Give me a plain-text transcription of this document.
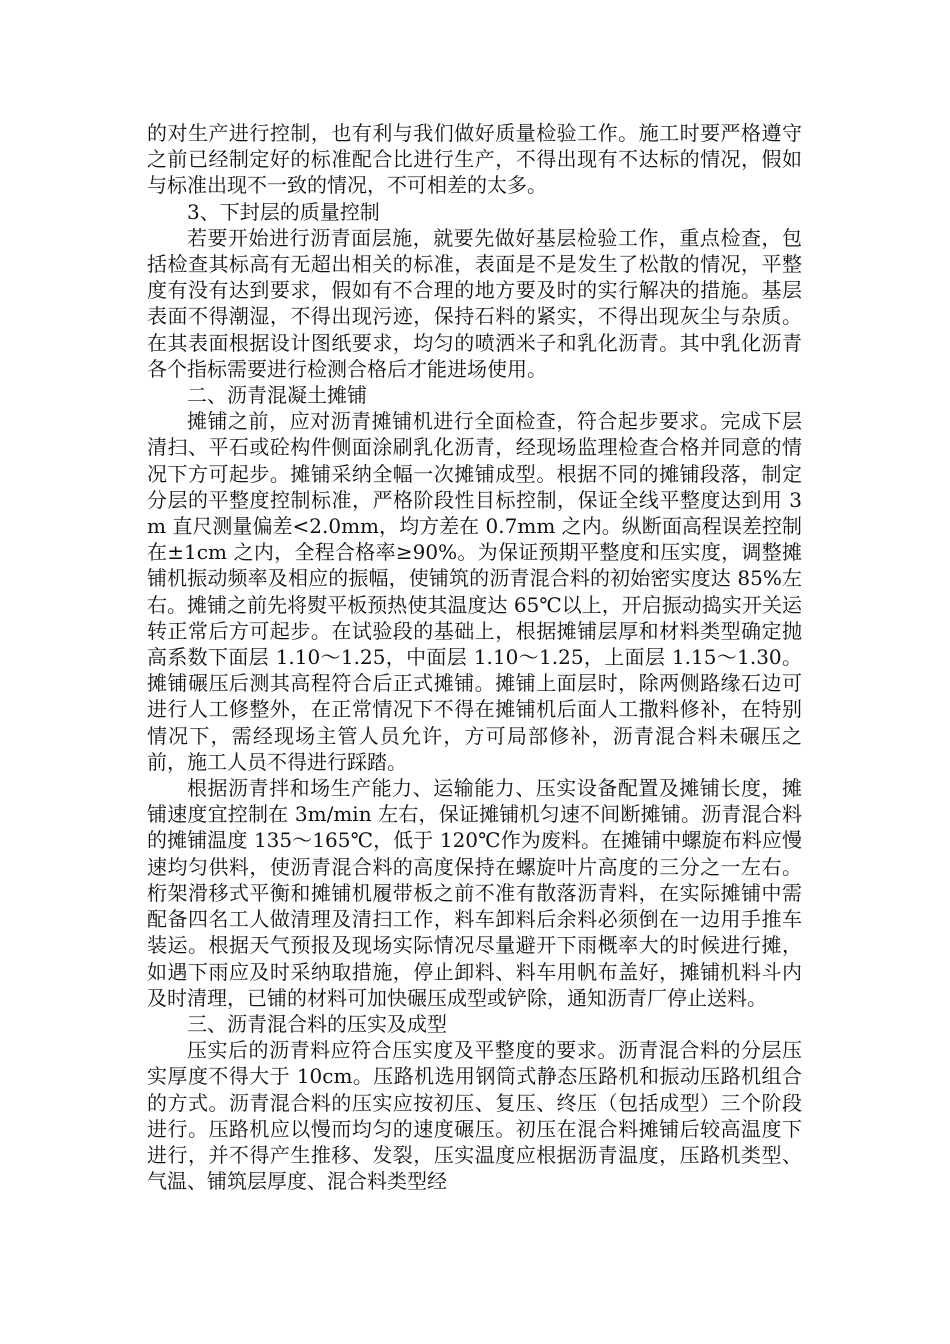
的对生产进行控制，也有利与我们做好质量检验工作。施工时要严格遵守之前已经制定好的标准配合比进行生产，不得出现有不达标的情况，假如与标准出现不一致的情况，不可相差的太多。

3、下封层的质量控制

若要开始进行沥青面层施，就要先做好基层检验工作，重点检查，包括检查其标高有无超出相关的标准，表面是不是发生了松散的情况，平整度有没有达到要求，假如有不合理的地方要及时的实行解决的措施。基层表面不得潮湿，不得出现污迹，保持石料的紧实，不得出现灰尘与杂质。在其表面根据设计图纸要求，均匀的喷洒米子和乳化沥青。其中乳化沥青各个指标需要进行检测合格后才能进场使用。

二、沥青混凝土摊铺

摊铺之前，应对沥青摊铺机进行全面检查，符合起步要求。完成下层清扫、平石或砼构件侧面涂刷乳化沥青，经现场监理检查合格并同意的情况下方可起步。摊铺采纳全幅一次摊铺成型。根据不同的摊铺段落，制定分层的平整度控制标准，严格阶段性目标控制，保证全线平整度达到用 3m 直尺测量偏差<2.0mm，均方差在 0.7mm 之内。纵断面高程误差控制在±1cm 之内，全程合格率≥90%。为保证预期平整度和压实度，调整摊铺机振动频率及相应的振幅，使铺筑的沥青混合料的初始密实度达 85%左右。摊铺之前先将熨平板预热使其温度达 65℃以上，开启振动捣实开关运转正常后方可起步。在试验段的基础上，根据摊铺层厚和材料类型确定抛高系数下面层 1.10～1.25，中面层 1.10～1.25，上面层 1.15～1.30。摊铺碾压后测其高程符合后正式摊铺。摊铺上面层时，除两侧路缘石边可进行人工修整外，在正常情况下不得在摊铺机后面人工撒料修补，在特别情况下，需经现场主管人员允许，方可局部修补，沥青混合料未碾压之前，施工人员不得进行踩踏。

根据沥青拌和场生产能力、运输能力、压实设备配置及摊铺长度，摊铺速度宜控制在 3m/min 左右，保证摊铺机匀速不间断摊铺。沥青混合料的摊铺温度 135～165℃，低于 120℃作为废料。在摊铺中螺旋布料应慢速均匀供料，使沥青混合料的高度保持在螺旋叶片高度的三分之一左右。桁架滑移式平衡和摊铺机履带板之前不准有散落沥青料，在实际摊铺中需配备四名工人做清理及清扫工作，料车卸料后余料必须倒在一边用手推车装运。根据天气预报及现场实际情况尽量避开下雨概率大的时候进行摊，如遇下雨应及时采纳取措施，停止卸料、料车用帆布盖好，摊铺机料斗内及时清理，已铺的材料可加快碾压成型或铲除，通知沥青厂停止送料。

三、沥青混合料的压实及成型

压实后的沥青料应符合压实度及平整度的要求。沥青混合料的分层压实厚度不得大于 10cm。压路机选用钢筒式静态压路机和振动压路机组合的方式。沥青混合料的压实应按初压、复压、终压（包括成型）三个阶段进行。压路机应以慢而均匀的速度碾压。初压在混合料摊铺后较高温度下进行，并不得产生推移、发裂，压实温度应根据沥青温度，压路机类型、气温、铺筑层厚度、混合料类型经
